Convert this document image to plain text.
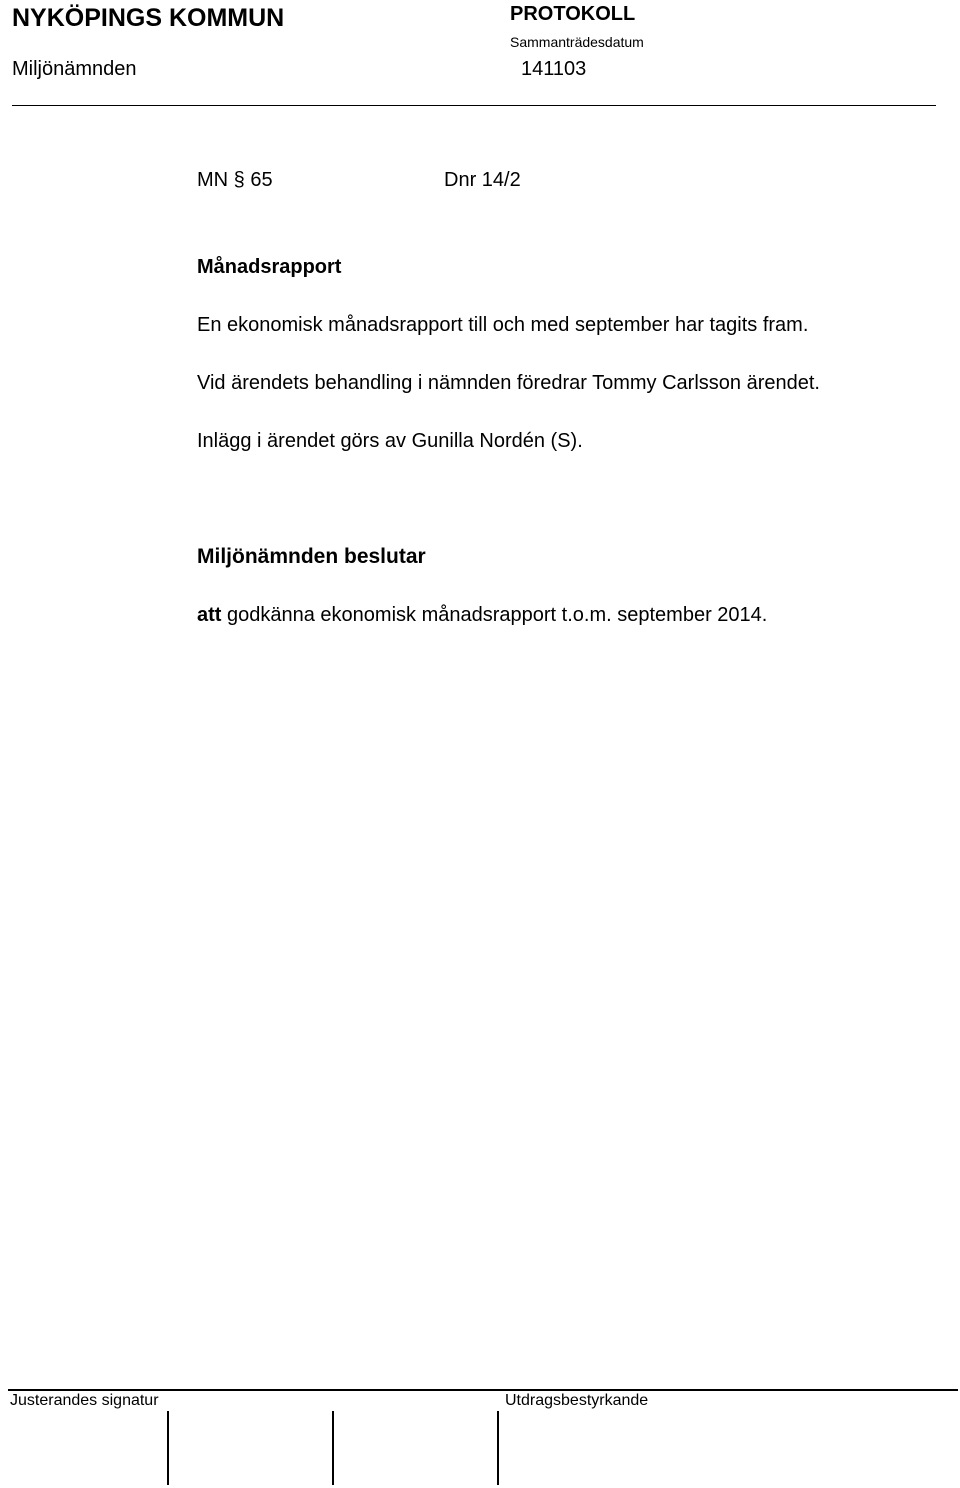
NYKÖPINGS KOMMUN
Miljönämnden
PROTOKOLL
Sammanträdesdatum
141103
MN § 65	Dnr 14/2
Månadsrapport
En ekonomisk månadsrapport till och med september har tagits fram.
Vid ärendets behandling i nämnden föredrar Tommy Carlsson ärendet.
Inlägg i ärendet görs av Gunilla Nordén (S).
Miljönämnden beslutar
att godkänna ekonomisk månadsrapport t.o.m. september 2014.
Justerandes signatur	Utdragsbestyrkande
